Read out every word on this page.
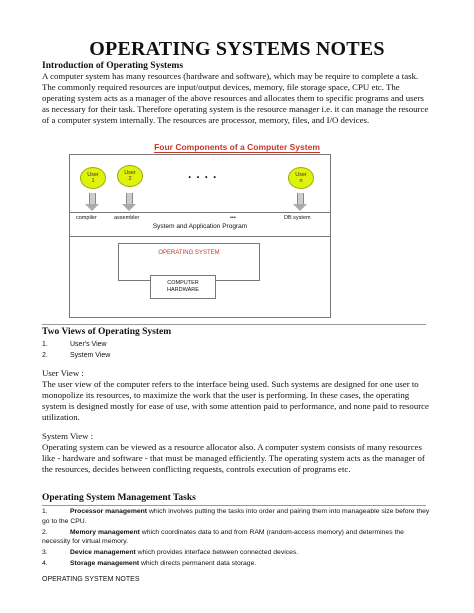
OPERATING SYSTEMS NOTES
Introduction of Operating Systems
A computer system has many resources (hardware and software), which may be require to complete a task. The commonly required resources are input/output devices, memory, file storage space, CPU etc. The operating system acts as a manager of the above resources and allocates them to specific programs and users as necessary for their task. Therefore operating system is the resource manager i.e. it can manage the resource of a computer system internally. The resources are processor, memory, files, and I/O devices.
Four Components of a Computer System
User
1
User
2	....	User
n
compiler	assembler	•••	DB system
System and Application Program
OPERATING SYSTEM
COMPUTER
HARDWARE
Two Views of Operating System
1.	User's View
2.	System View
User View :
The user view of the computer refers to the interface being used. Such systems are designed for one user to monopolize its resources, to maximize the work that the user is performing. In these cases, the operating system is designed mostly for ease of use, with some attention paid to performance, and none paid to resource utilization.
System View :
Operating system can be viewed as a resource allocator also. A computer system consists of many resources like - hardware and software - that must be managed efficiently. The operating system acts as the manager of the resources, decides between conflicting requests, controls execution of programs etc.
Operating System Management Tasks
1.	Processor management which involves putting the tasks into order and pairing them into manageable size before they go to the CPU.
2.	Memory management which coordinates data to and from RAM (random-access memory) and determines the necessity for virtual memory.
3.	Device management which provides interface between connected devices.
4.	Storage management which directs permanent data storage.
OPERATING SYSTEM NOTES
